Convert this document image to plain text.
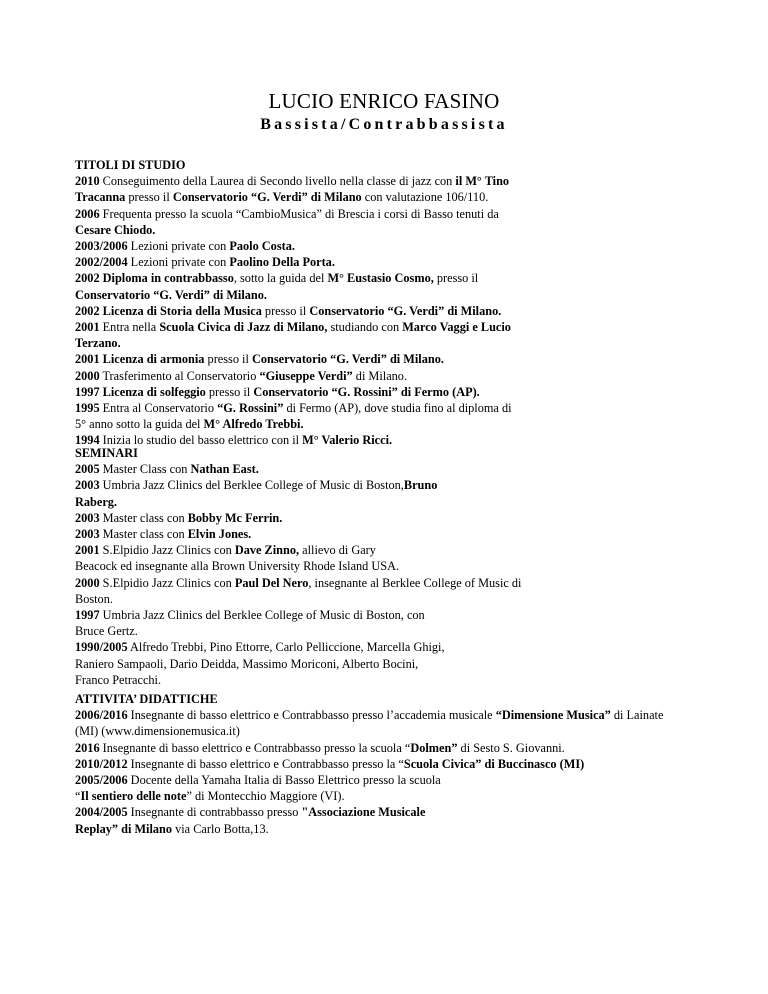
LUCIO ENRICO FASINO
Bassista/Contrabbassista
TITOLI DI STUDIO
2010 Conseguimento della Laurea di Secondo livello nella classe di jazz con il M° Tino
Tracanna presso il Conservatorio “G. Verdi” di Milano con valutazione 106/110.
2006 Frequenta presso la scuola “CambioMusica” di Brescia i corsi di Basso tenuti da
Cesare Chiodo.
2003/2006 Lezioni private con Paolo Costa.
2002/2004 Lezioni private con Paolino Della Porta.
2002 Diploma in contrabbasso, sotto la guida del M° Eustasio Cosmo, presso il
Conservatorio “G. Verdi” di Milano.
2002 Licenza di Storia della Musica presso il Conservatorio “G. Verdi” di Milano.
2001 Entra nella Scuola Civica di Jazz di Milano, studiando con Marco Vaggi e Lucio
Terzano.
2001 Licenza di armonia presso il Conservatorio “G. Verdi” di Milano.
2000 Trasferimento al Conservatorio “Giuseppe Verdi” di Milano.
1997 Licenza di solfeggio presso il Conservatorio “G. Rossini” di Fermo (AP).
1995 Entra al Conservatorio “G. Rossini” di Fermo (AP), dove studia fino al diploma di
5° anno sotto la guida del M° Alfredo Trebbi.
1994 Inizia lo studio del basso elettrico con il M° Valerio Ricci.
SEMINARI
2005 Master Class con Nathan East.
2003 Umbria Jazz Clinics del Berklee College of Music di Boston,Bruno
Raberg.
2003 Master class con Bobby Mc Ferrin.
2003 Master class con Elvin Jones.
2001 S.Elpidio Jazz Clinics con Dave Zinno, allievo di Gary
Beacock ed insegnante alla Brown University Rhode Island USA.
2000 S.Elpidio Jazz Clinics con Paul Del Nero, insegnante al Berklee College of Music di
Boston.
1997 Umbria Jazz Clinics del Berklee College of Music di Boston, con
Bruce Gertz.
1990/2005 Alfredo Trebbi, Pino Ettorre, Carlo Pelliccione, Marcella Ghigi,
Raniero Sampaoli, Dario Deidda, Massimo Moriconi, Alberto Bocini,
Franco Petracchi.
ATTIVITA’ DIDATTICHE
2006/2016 Insegnante di basso elettrico e Contrabbasso presso l’accademia musicale “Dimensione Musica” di Lainate
(MI) (www.dimensionemusica.it)
2016 Insegnante di basso elettrico e Contrabbasso presso la scuola “Dolmen” di Sesto S. Giovanni.
2010/2012 Insegnante di basso elettrico e Contrabbasso presso la “Scuola Civica” di Buccinasco (MI)
2005/2006 Docente della Yamaha Italia di Basso Elettrico presso la scuola
“Il sentiero delle note” di Montecchio Maggiore (VI).
2004/2005 Insegnante di contrabbasso presso "Associazione Musicale
Replay” di Milano via Carlo Botta,13.
